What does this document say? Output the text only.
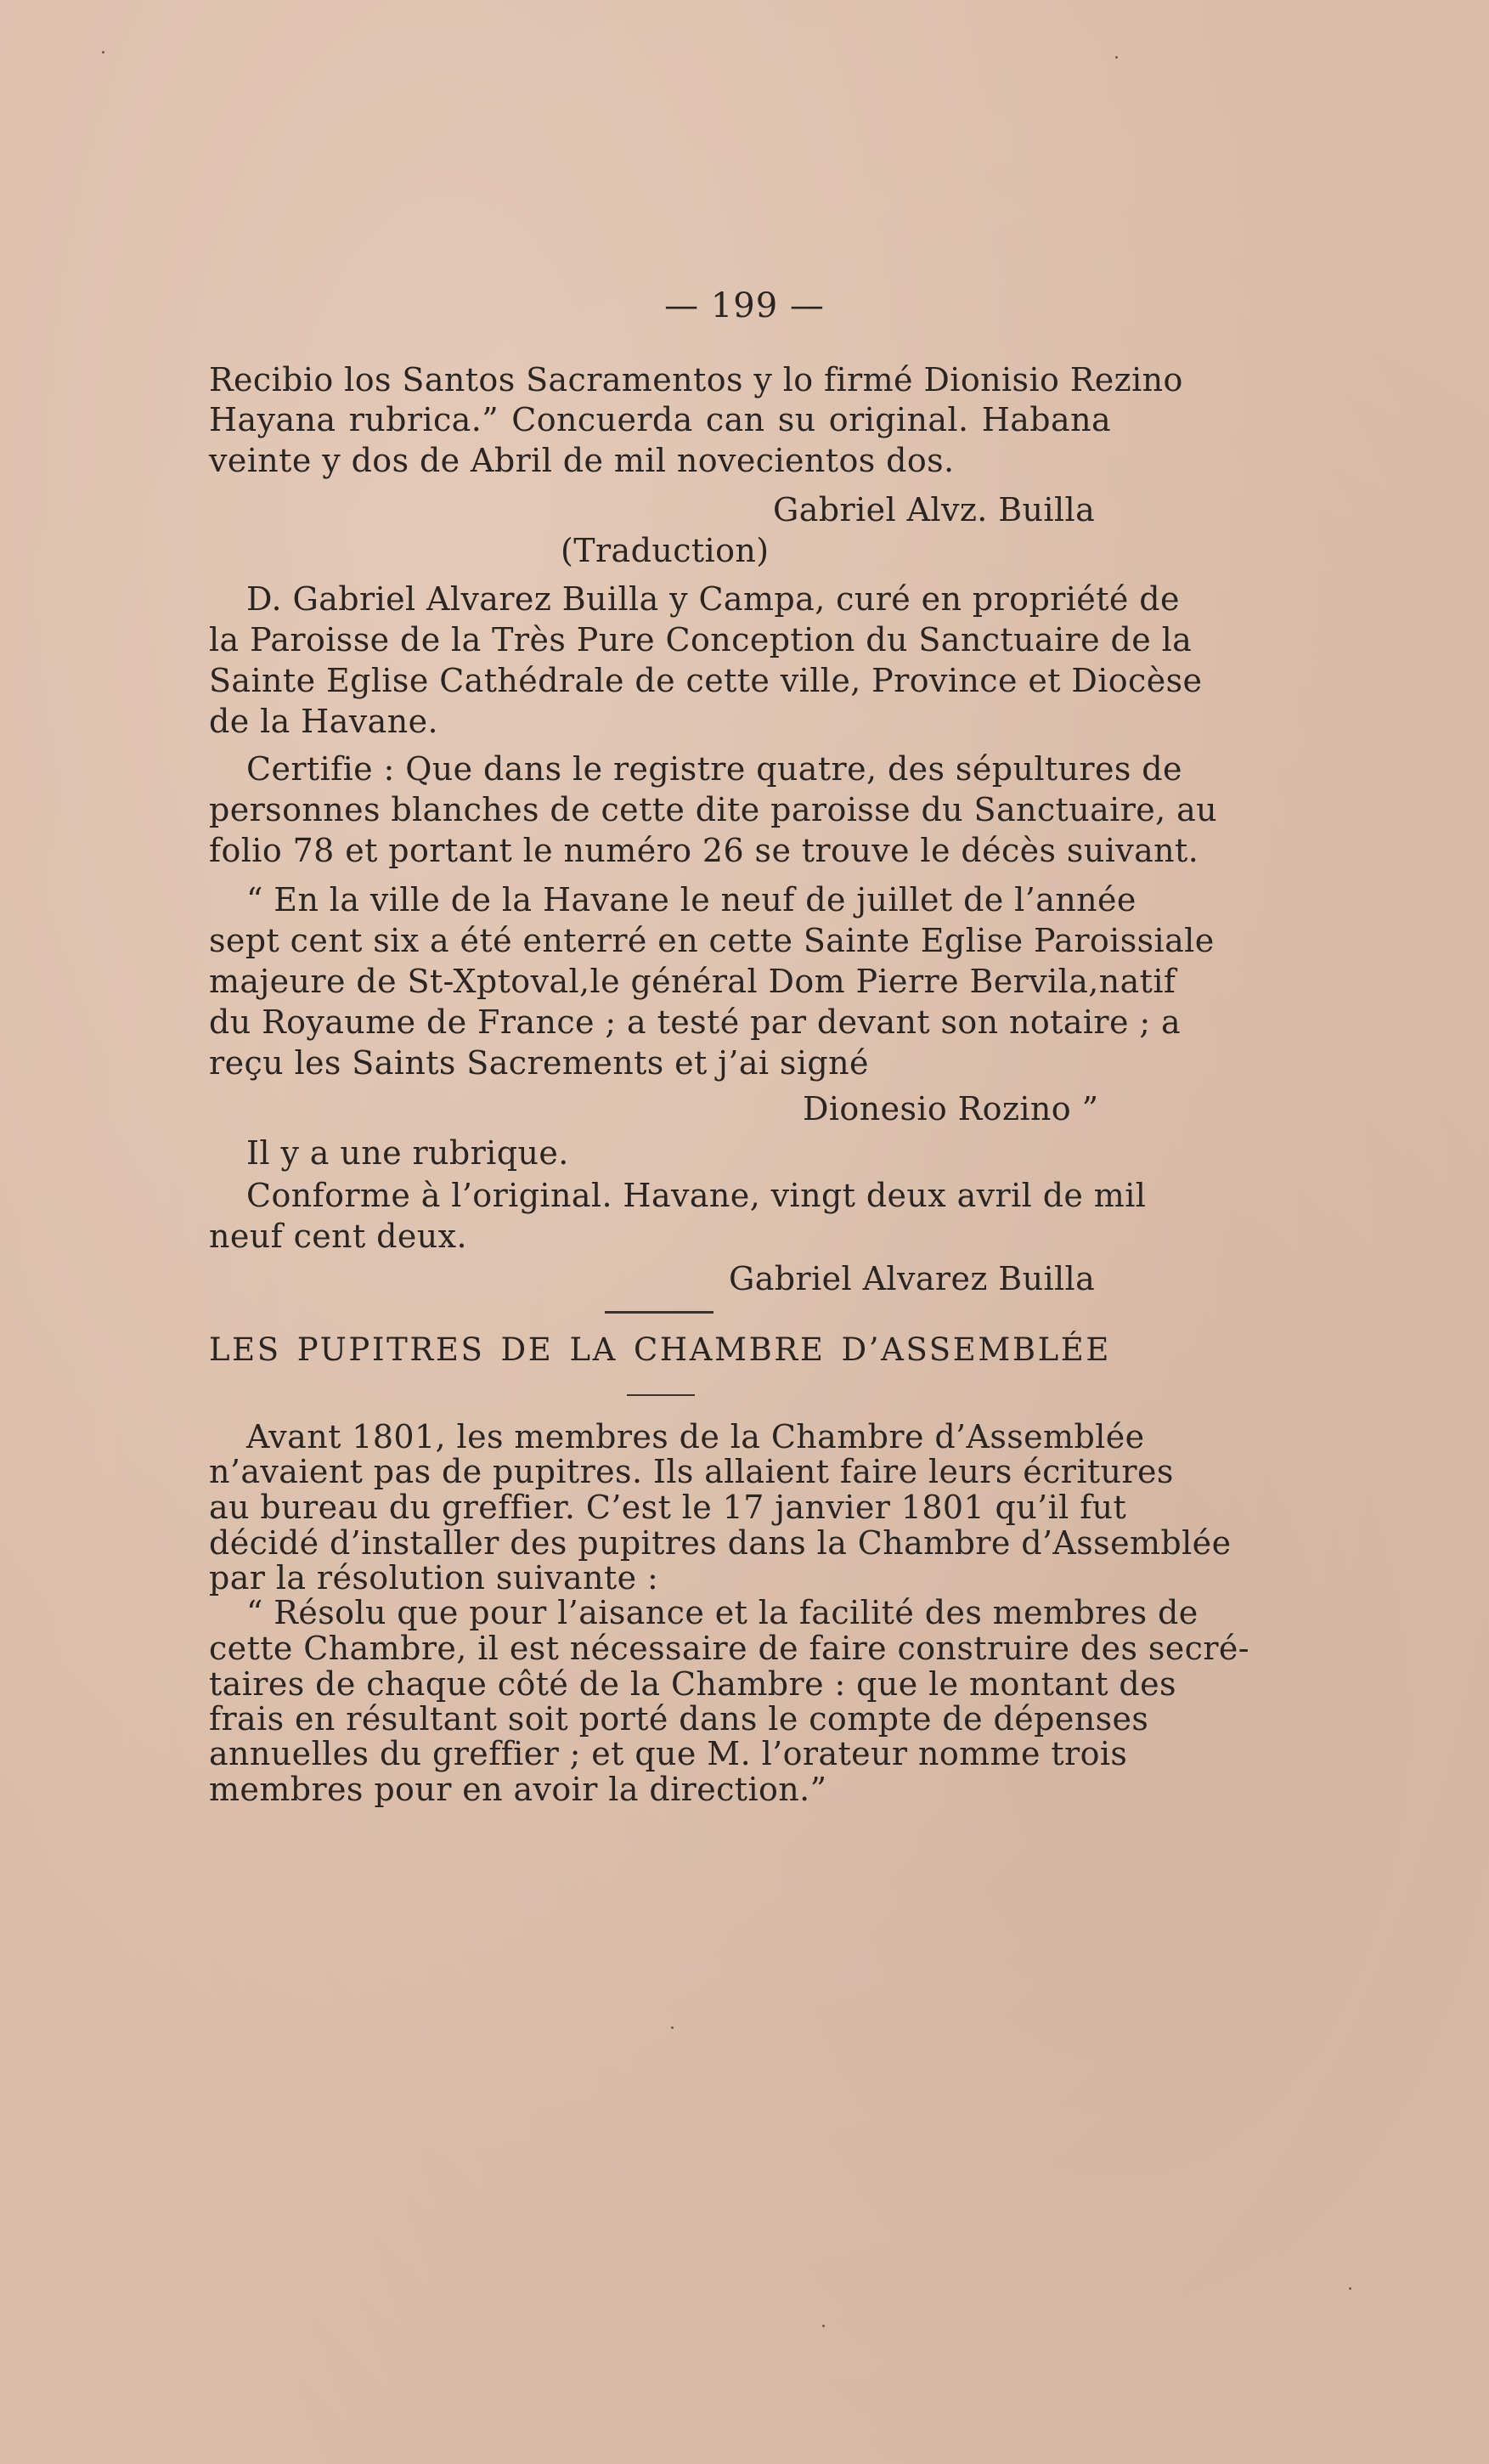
— 199 —
Recibio los Santos Sacramentos y lo firmé Dionisio Rezino
Hayana rubrica.” Concuerda can su original. Habana
veinte y dos de Abril de mil novecientos dos.
Gabriel Alvz. Builla
(Traduction)
D. Gabriel Alvarez Builla y Campa, curé en propriété de
la Paroisse de la Très Pure Conception du Sanctuaire de la
Sainte Eglise Cathédrale de cette ville, Province et Diocèse
de la Havane.
Certifie : Que dans le registre quatre, des sépultures de
personnes blanches de cette dite paroisse du Sanctuaire, au
folio 78 et portant le numéro 26 se trouve le décès suivant.
“ En la ville de la Havane le neuf de juillet de l’année
sept cent six a été enterré en cette Sainte Eglise Paroissiale
majeure de St-Xptoval,le général Dom Pierre Bervila,natif
du Royaume de France ; a testé par devant son notaire ; a
reçu les Saints Sacrements et j’ai signé
Dionesio Rozino ”
Il y a une rubrique.
Conforme à l’original. Havane, vingt deux avril de mil
neuf cent deux.
Gabriel Alvarez Builla
LES PUPITRES DE LA CHAMBRE D’ASSEMBLÉE
Avant 1801, les membres de la Chambre d’Assemblée
n’avaient pas de pupitres. Ils allaient faire leurs écritures
au bureau du greffier. C’est le 17 janvier 1801 qu’il fut
décidé d’installer des pupitres dans la Chambre d’Assemblée
par la résolution suivante :
“ Résolu que pour l’aisance et la facilité des membres de
cette Chambre, il est nécessaire de faire construire des secré-
taires de chaque côté de la Chambre : que le montant des
frais en résultant soit porté dans le compte de dépenses
annuelles du greffier ; et que M. l’orateur nomme trois
membres pour en avoir la direction.”
